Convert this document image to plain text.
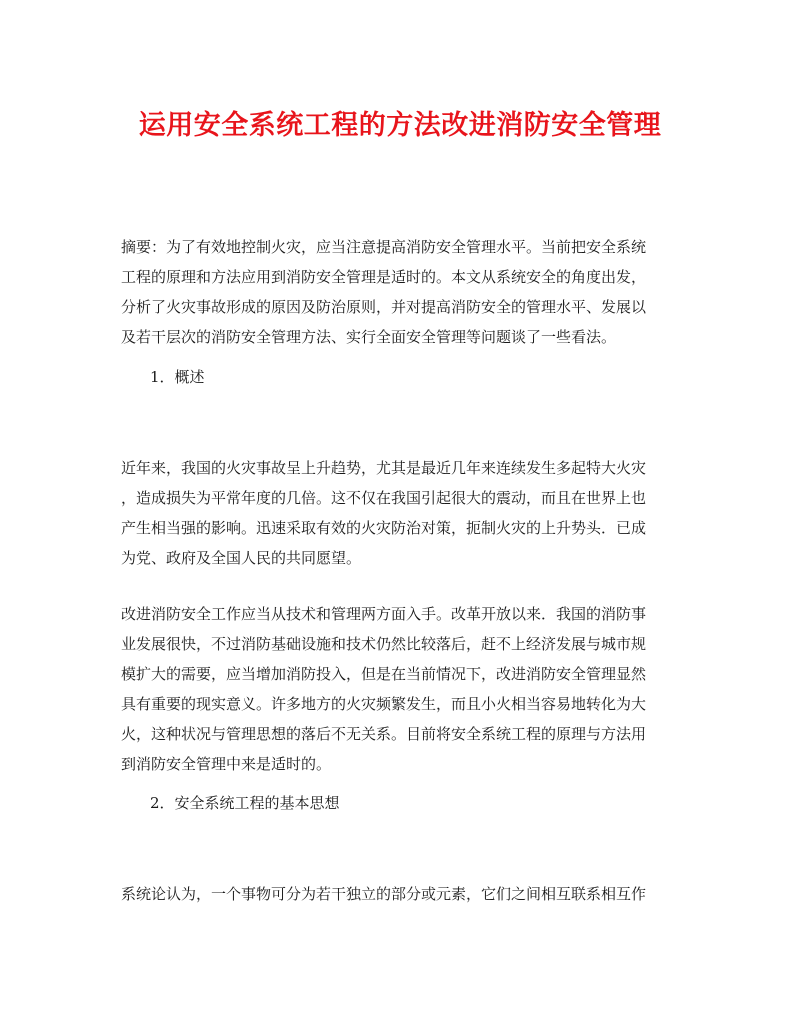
运用安全系统工程的方法改进消防安全管理

摘要：为了有效地控制火灾，应当注意提高消防安全管理水平。当前把安全系统
工程的原理和方法应用到消防安全管理是适时的。本文从系统安全的角度出发，
分析了火灾事故形成的原因及防治原则，并对提高消防安全的管理水平、发展以
及若干层次的消防安全管理方法、实行全面安全管理等问题谈了一些看法。

1．概述

近年来，我国的火灾事故呈上升趋势，尤其是最近几年来连续发生多起特大火灾
，造成损失为平常年度的几倍。这不仅在我国引起很大的震动，而且在世界上也
产生相当强的影响。迅速采取有效的火灾防治对策，扼制火灾的上升势头．已成
为党、政府及全国人民的共同愿望。

改进消防安全工作应当从技术和管理两方面入手。改革开放以来．我国的消防事
业发展很快，不过消防基础设施和技术仍然比较落后，赶不上经济发展与城市规
模扩大的需要，应当增加消防投入，但是在当前情况下，改进消防安全管理显然
具有重要的现实意义。许多地方的火灾频繁发生，而且小火相当容易地转化为大
火，这种状况与管理思想的落后不无关系。目前将安全系统工程的原理与方法用
到消防安全管理中来是适时的。

2．安全系统工程的基本思想

系统论认为，一个事物可分为若干独立的部分或元素，它们之间相互联系相互作
